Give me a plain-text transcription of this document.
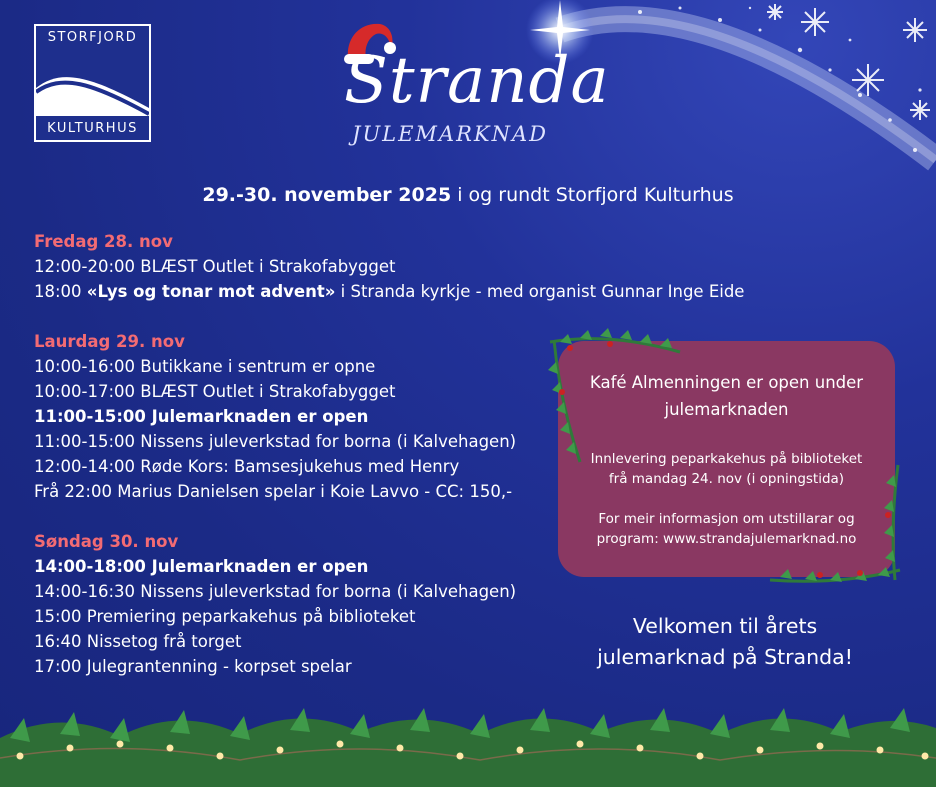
STORFJORD
KULTURHUS
Stranda
JULEMARKNAD
29.-30. november 2025 i og rundt Storfjord Kulturhus
Fredag 28. nov
12:00-20:00 BLÆST Outlet i Strakofabygget
18:00 «Lys og tonar mot advent» i Stranda kyrkje - med organist Gunnar Inge Eide
Laurdag 29. nov
10:00-16:00 Butikkane i sentrum er opne
10:00-17:00 BLÆST Outlet i Strakofabygget
11:00-15:00 Julemarknaden er open
11:00-15:00 Nissens juleverkstad for borna (i Kalvehagen)
12:00-14:00 Røde Kors: Bamsesjukehus med Henry
Frå 22:00 Marius Danielsen spelar i Koie Lavvo - CC: 150,-
Søndag 30. nov
14:00-18:00 Julemarknaden er open
14:00-16:30 Nissens juleverkstad for borna (i Kalvehagen)
15:00 Premiering peparkakehus på biblioteket
16:40 Nissetog frå torget
17:00 Julegrantenning - korpset spelar
Kafé Almenningen er open under
julemarknaden
Innlevering peparkakehus på biblioteket
frå mandag 24. nov (i opningstida)
For meir informasjon om utstillarar og
program: www.strandajulemarknad.no
Velkomen til årets
julemarknad på Stranda!
